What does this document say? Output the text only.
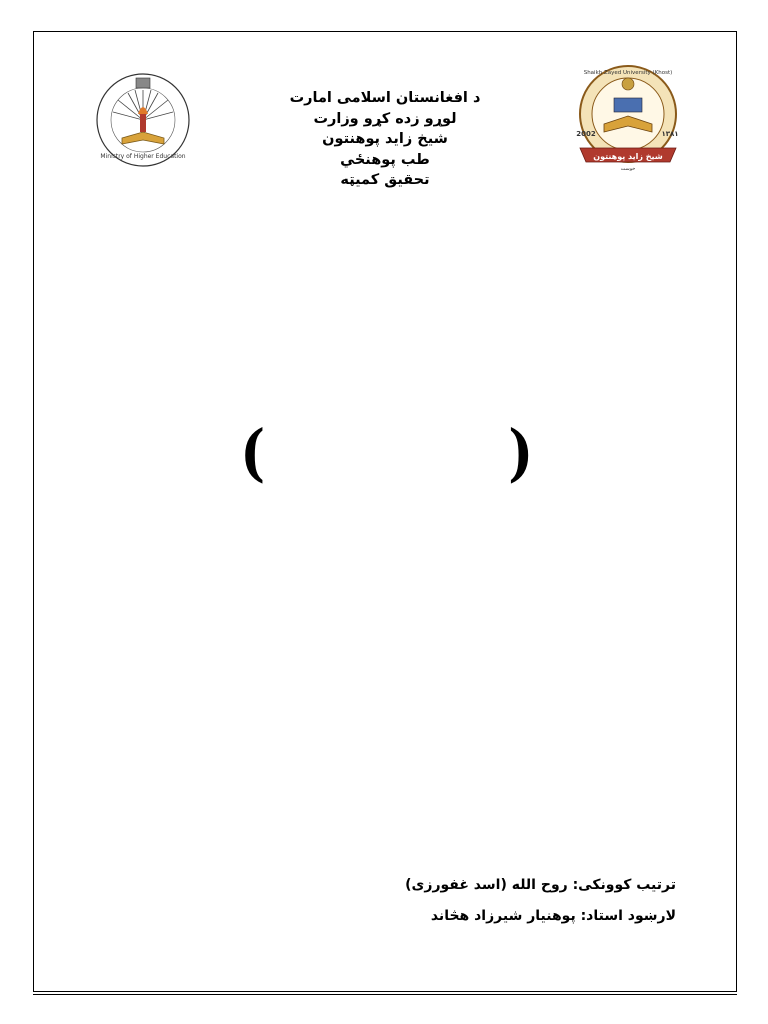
Ministry of Higher Education
د افغانستان اسلامی امارت
لوړو زده کړو وزارت
شیخ زاید پوهنتون
طب پوهنځي
تحقیق کمیټه
شیخ زاید پوهنتون
Shaikh Zayed University (Khost)
2002	۱۳۸۱
خوست
(	)
ترتیب کوونکی: روح الله (اسد غفورزی)
لارښود استاد: پوهنیار شیرزاد هڅاند
